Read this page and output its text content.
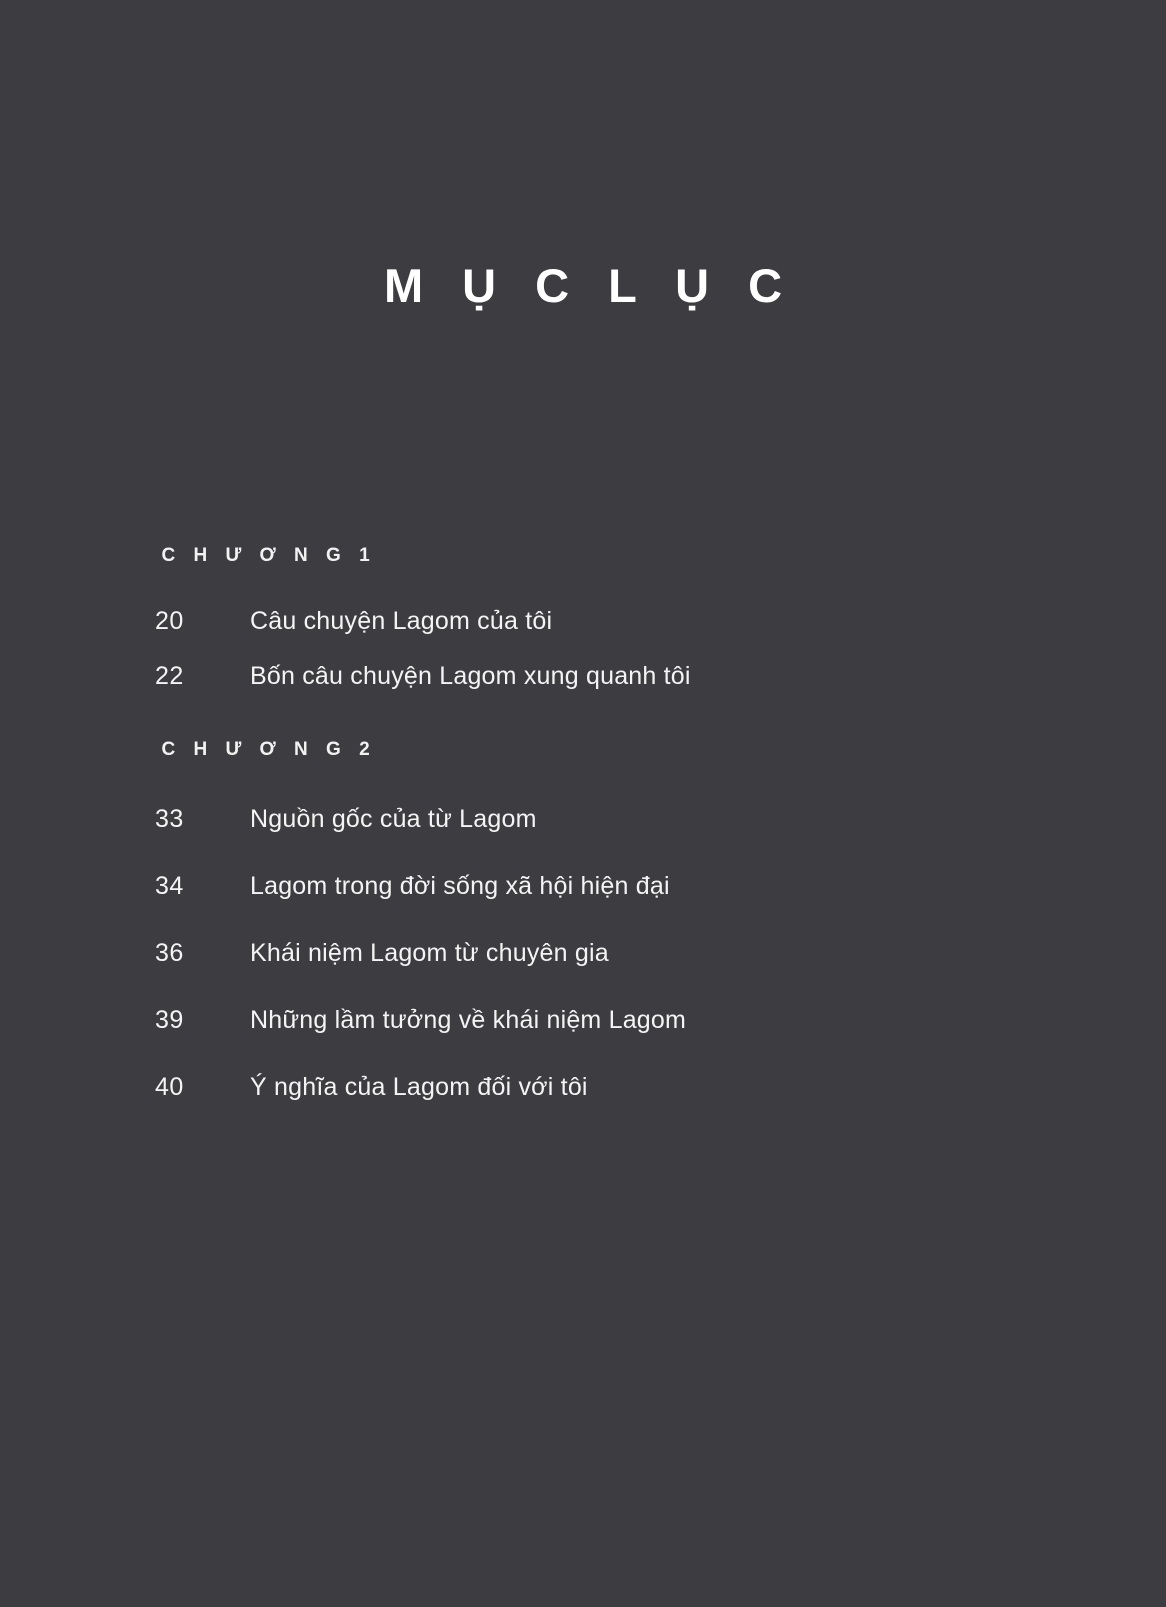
M Ụ C L Ụ C
C H Ư Ơ N G 1
20	Câu chuyện Lagom của tôi
22	Bốn câu chuyện Lagom xung quanh tôi
C H Ư Ơ N G 2
33	Nguồn gốc của từ Lagom
34	Lagom trong đời sống xã hội hiện đại
36	Khái niệm Lagom từ chuyên gia
39	Những lầm tưởng về khái niệm Lagom
40	Ý nghĩa của Lagom đối với tôi
